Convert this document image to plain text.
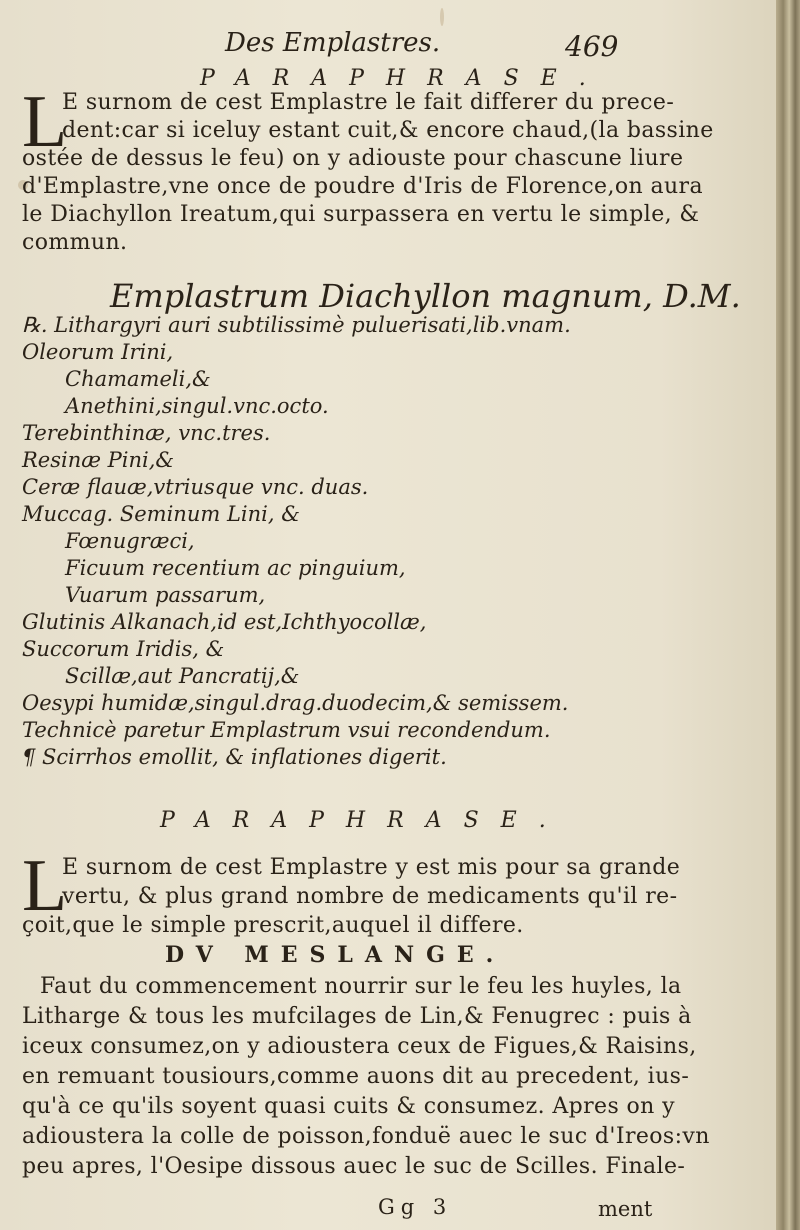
Des Emplastres.	469
PARAPHRASE.
L
E surnom de cest Emplastre le fait differer du prece-
dent:car si iceluy estant cuit,& encore chaud,(la bassine
ostée de dessus le feu) on y adiouste pour chascune liure
d'Emplastre,vne once de poudre d'Iris de Florence,on aura
le Diachyllon Ireatum,qui surpassera en vertu le simple, &
commun.
Emplastrum Diachyllon magnum, D.M.
℞. Lithargyri auri subtilissimè puluerisati,lib.vnam.
Oleorum Irini,
Chamameli,&
Anethini,singul.vnc.octo.
Terebinthinæ, vnc.tres.
Resinæ Pini,&
Ceræ flauæ,vtriusque vnc. duas.
Muccag. Seminum Lini, &
Fœnugræci,
Ficuum recentium ac pinguium,
Vuarum passarum,
Glutinis Alkanach,id est,Ichthyocollæ,
Succorum Iridis, &
Scillæ,aut Pancratij,&
Oesypi humidæ,singul.drag.duodecim,& semissem.
Technicè paretur Emplastrum vsui recondendum.
¶ Scirrhos emollit, & inflationes digerit.
PARAPHRASE.
L
E surnom de cest Emplastre y est mis pour sa grande
vertu, & plus grand nombre de medicaments qu'il re-
çoit,que le simple prescrit,auquel il differe.
DV MESLANGE.
Faut du commencement nourrir sur le feu les huyles, la
Litharge & tous les mufcilages de Lin,& Fenugrec : puis à
iceux consumez,on y adioustera ceux de Figues,& Raisins,
en remuant tousiours,comme auons dit au precedent, ius-
qu'à ce qu'ils soyent quasi cuits & consumez. Apres on y
adioustera la colle de poisson,fonduë auec le suc d'Ireos:vn
peu apres, l'Oesipe dissous auec le suc de Scilles. Finale-
Gg 3	ment
